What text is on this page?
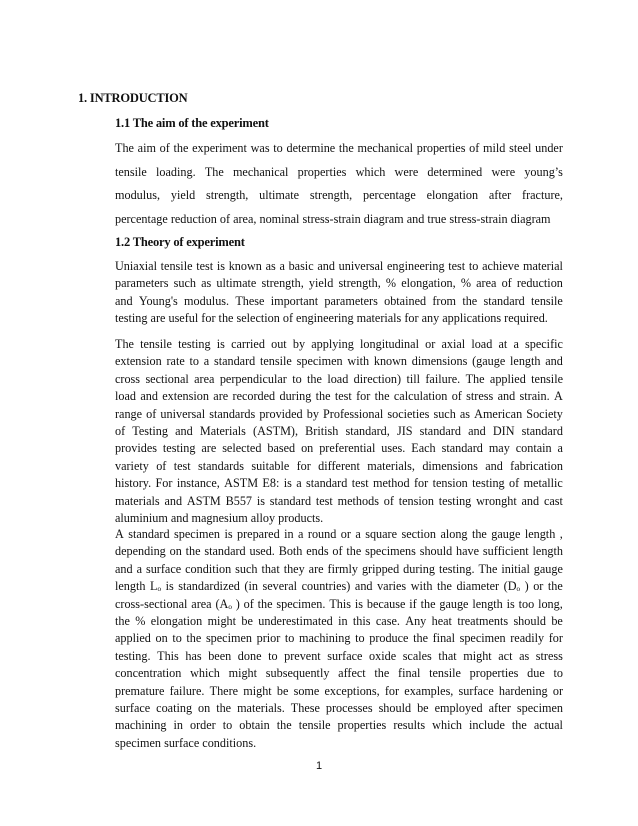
1. INTRODUCTION
1.1 The aim of the experiment
The aim of the experiment was to determine the mechanical properties of mild steel under
tensile loading. The mechanical properties which were determined were young’s
modulus, yield strength, ultimate strength, percentage elongation after fracture,
percentage reduction of area, nominal stress-strain diagram and true stress-strain diagram
1.2 Theory of experiment
Uniaxial tensile test is known as a basic and universal engineering test to achieve material
parameters such as ultimate strength, yield strength, % elongation, % area of reduction
and Young's modulus. These important parameters obtained from the standard tensile
testing are useful for the selection of engineering materials for any applications required.
The tensile testing is carried out by applying longitudinal or axial load at a specific
extension rate to a standard tensile specimen with known dimensions (gauge length and
cross sectional area perpendicular to the load direction) till failure. The applied tensile
load and extension are recorded during the test for the calculation of stress and strain. A
range of universal standards provided by Professional societies such as American Society
of Testing and Materials (ASTM), British standard, JIS standard and DIN standard
provides testing are selected based on preferential uses. Each standard may contain a
variety of test standards suitable for different materials, dimensions and fabrication
history. For instance, ASTM E8: is a standard test method for tension testing of metallic
materials and ASTM B557 is standard test methods of tension testing wronght and cast
aluminium and magnesium alloy products.
A standard specimen is prepared in a round or a square section along the gauge length ,
depending on the standard used. Both ends of the specimens should have sufficient length
and a surface condition such that they are firmly gripped during testing. The initial gauge
length Lₒ is standardized (in several countries) and varies with the diameter (Dₒ ) or the
cross-sectional area (Aₒ ) of the specimen. This is because if the gauge length is too long,
the % elongation might be underestimated in this case. Any heat treatments should be
applied on to the specimen prior to machining to produce the final specimen readily for
testing. This has been done to prevent surface oxide scales that might act as stress
concentration which might subsequently affect the final tensile properties due to
premature failure. There might be some exceptions, for examples, surface hardening or
surface coating on the materials. These processes should be employed after specimen
machining in order to obtain the tensile properties results which include the actual
specimen surface conditions.
1
